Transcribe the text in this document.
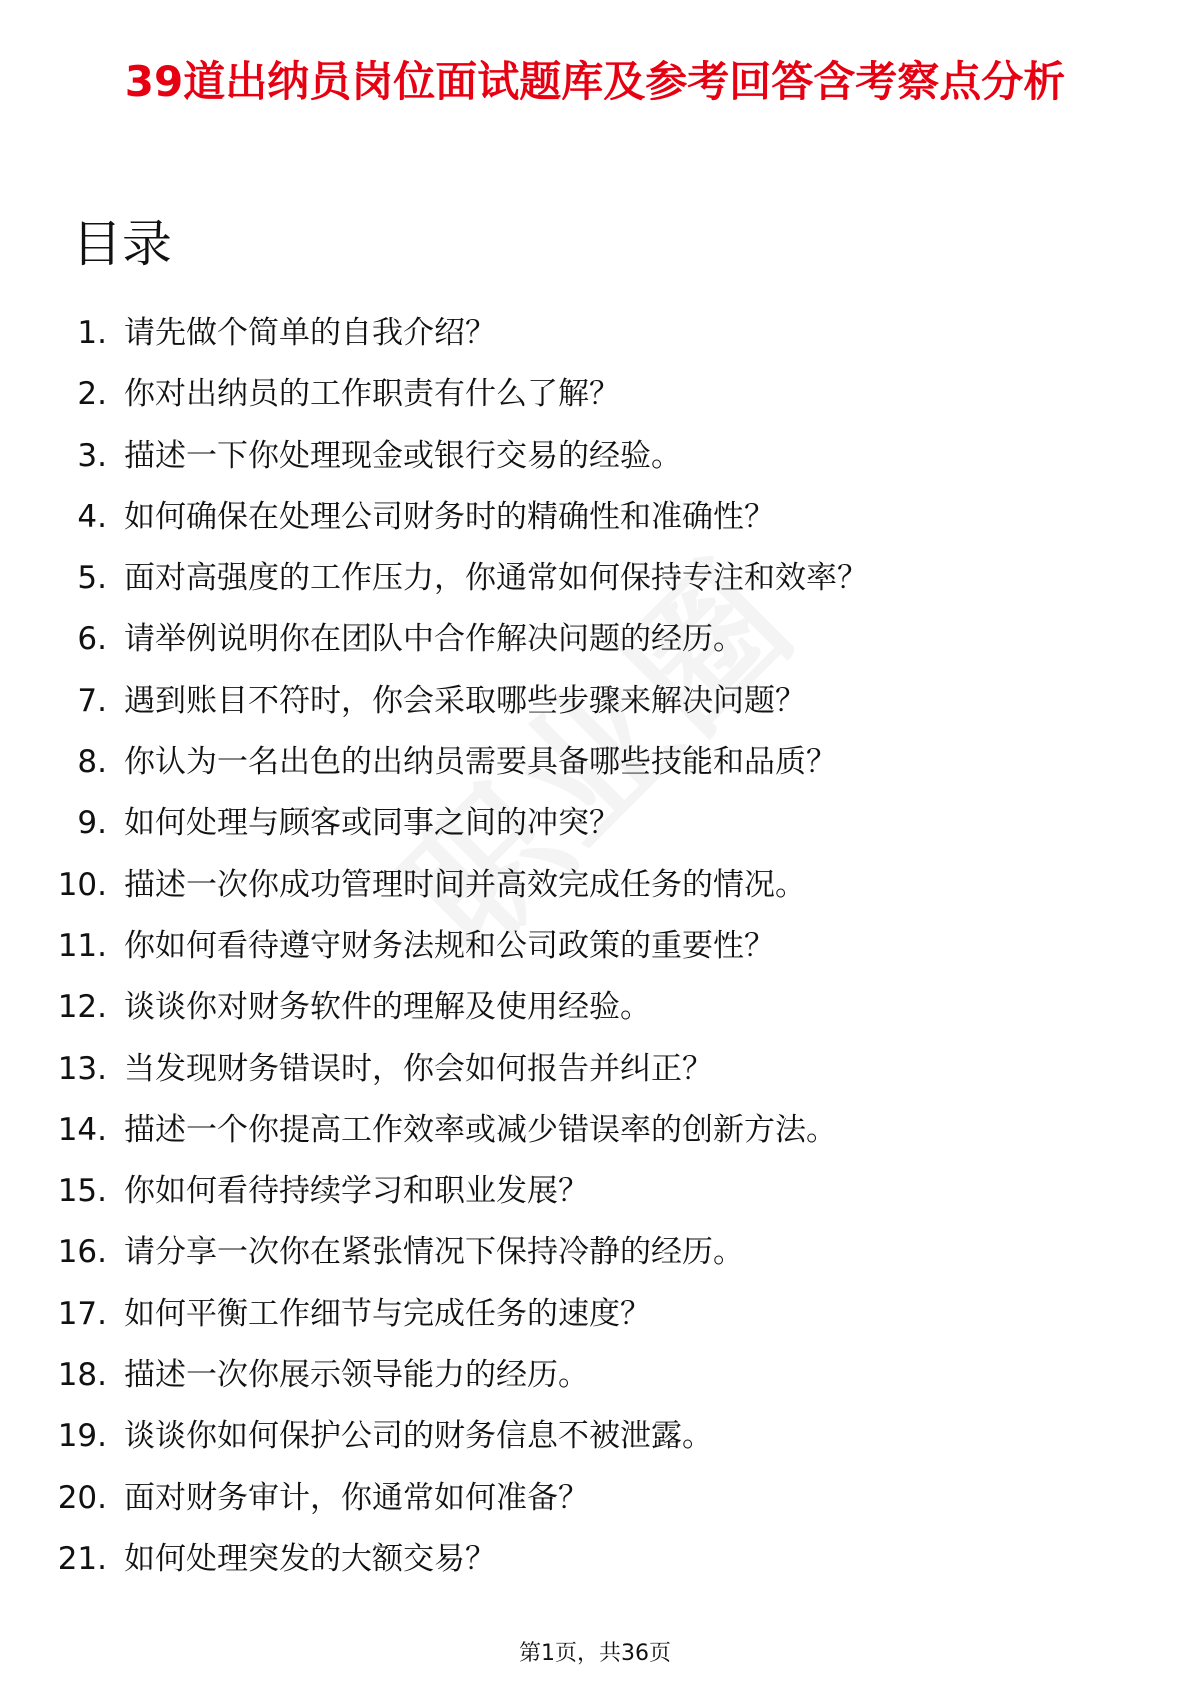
39道出纳员岗位面试题库及参考回答含考察点分析
目录
1. 请先做个简单的自我介绍？
2. 你对出纳员的工作职责有什么了解？
3. 描述一下你处理现金或银行交易的经验。
4. 如何确保在处理公司财务时的精确性和准确性？
5. 面对高强度的工作压力，你通常如何保持专注和效率？
6. 请举例说明你在团队中合作解决问题的经历。
7. 遇到账目不符时，你会采取哪些步骤来解决问题？
8. 你认为一名出色的出纳员需要具备哪些技能和品质？
9. 如何处理与顾客或同事之间的冲突？
10. 描述一次你成功管理时间并高效完成任务的情况。
11. 你如何看待遵守财务法规和公司政策的重要性？
12. 谈谈你对财务软件的理解及使用经验。
13. 当发现财务错误时，你会如何报告并纠正？
14. 描述一个你提高工作效率或减少错误率的创新方法。
15. 你如何看待持续学习和职业发展？
16. 请分享一次你在紧张情况下保持冷静的经历。
17. 如何平衡工作细节与完成任务的速度？
18. 描述一次你展示领导能力的经历。
19. 谈谈你如何保护公司的财务信息不被泄露。
20. 面对财务审计，你通常如何准备？
21. 如何处理突发的大额交易？
第1页，共36页
